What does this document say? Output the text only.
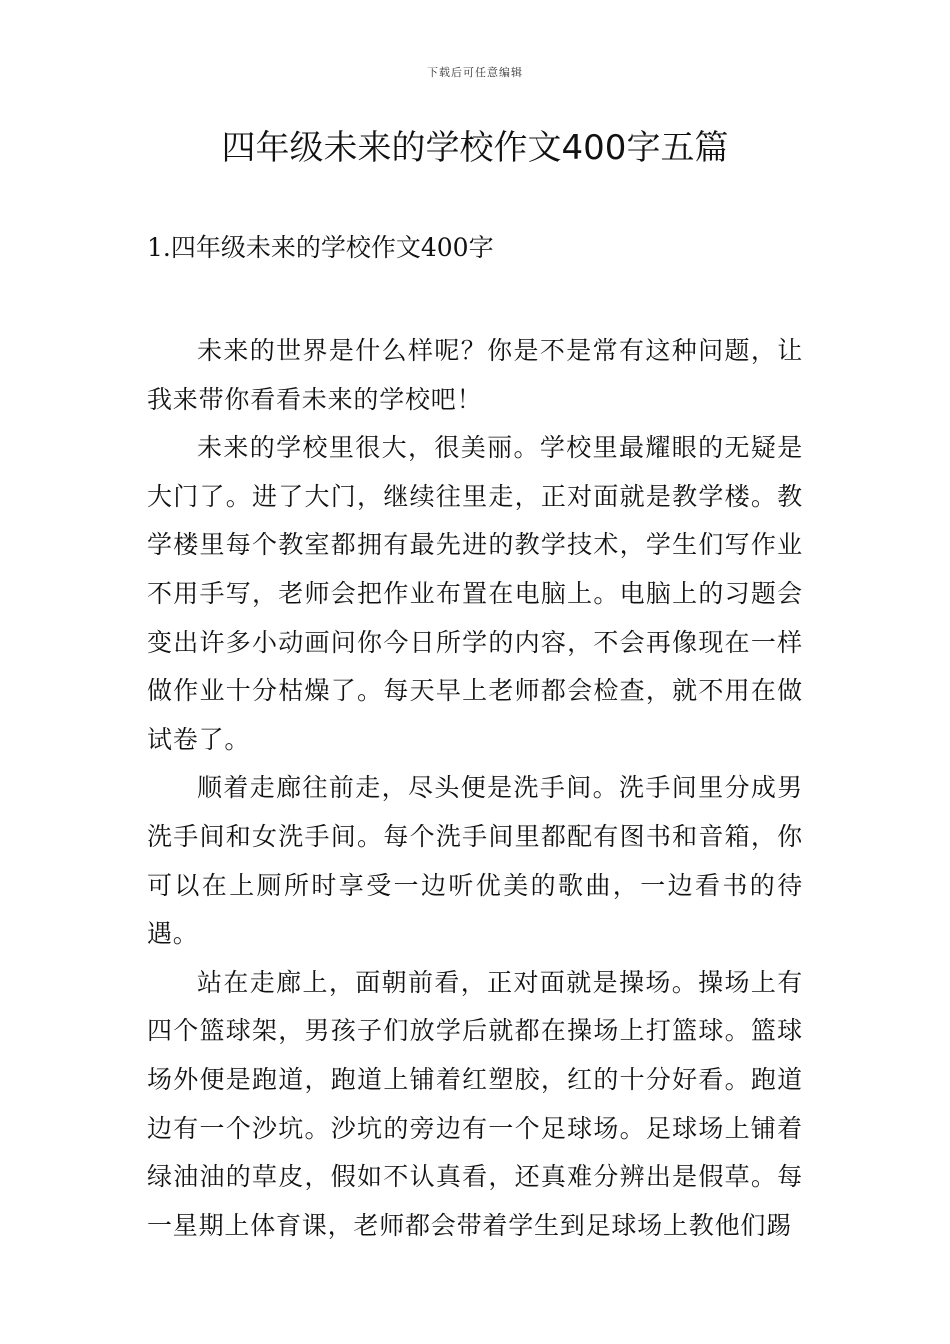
下载后可任意编辑
四年级未来的学校作文400字五篇
1.四年级未来的学校作文400字

未来的世界是什么样呢？你是不是常有这种问题，让我来带你看看未来的学校吧！

未来的学校里很大，很美丽。学校里最耀眼的无疑是大门了。进了大门，继续往里走，正对面就是教学楼。教学楼里每个教室都拥有最先进的教学技术，学生们写作业不用手写，老师会把作业布置在电脑上。电脑上的习题会变出许多小动画问你今日所学的内容，不会再像现在一样做作业十分枯燥了。每天早上老师都会检查，就不用在做试卷了。

顺着走廊往前走，尽头便是洗手间。洗手间里分成男洗手间和女洗手间。每个洗手间里都配有图书和音箱，你可以在上厕所时享受一边听优美的歌曲，一边看书的待遇。

站在走廊上，面朝前看，正对面就是操场。操场上有四个篮球架，男孩子们放学后就都在操场上打篮球。篮球场外便是跑道，跑道上铺着红塑胶，红的十分好看。跑道边有一个沙坑。沙坑的旁边有一个足球场。足球场上铺着绿油油的草皮，假如不认真看，还真难分辨出是假草。每一星期上体育课，老师都会带着学生到足球场上教他们踢
